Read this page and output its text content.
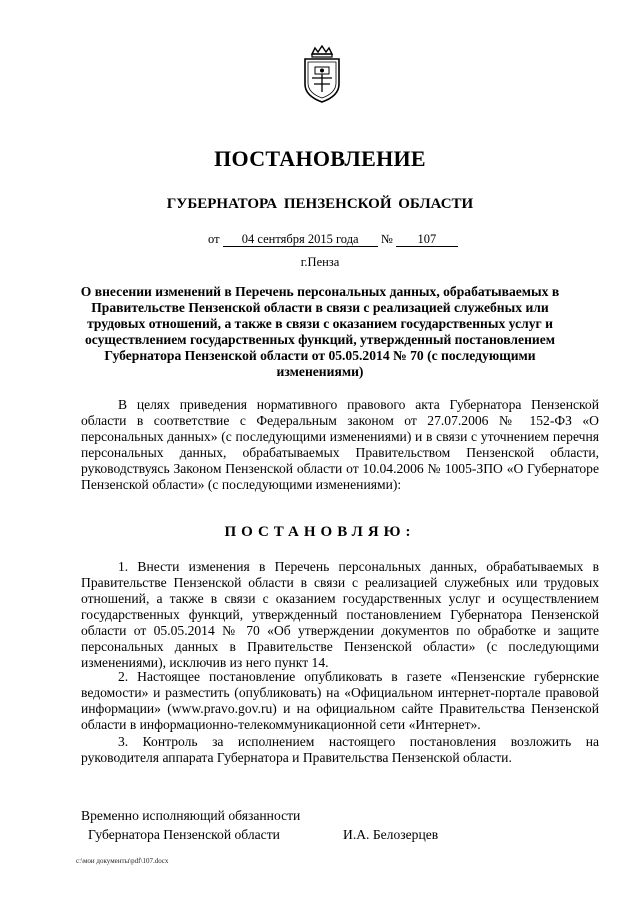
ПОСТАНОВЛЕНИЕ
ГУБЕРНАТОРА ПЕНЗЕНСКОЙ ОБЛАСТИ
от 04 сентября 2015 года № 107
г.Пенза

О внесении изменений в Перечень персональных данных, обрабатываемых в Правительстве Пензенской области в связи с реализацией служебных или трудовых отношений, а также в связи с оказанием государственных услуг и осуществлением государственных функций, утвержденный постановлением Губернатора Пензенской области от 05.05.2014 № 70 (с последующими изменениями)

В целях приведения нормативного правового акта Губернатора Пензенской области в соответствие с Федеральным законом от 27.07.2006 № 152-ФЗ «О персональных данных» (с последующими изменениями) и в связи с уточнением перечня персональных данных, обрабатываемых Правительством Пензенской области, руководствуясь Законом Пензенской области от 10.04.2006 № 1005-ЗПО «О Губернаторе Пензенской области» (с последующими изменениями):

ПОСТАНОВЛЯЮ:

1. Внести изменения в Перечень персональных данных, обрабатываемых в Правительстве Пензенской области в связи с реализацией служебных или трудовых отношений, а также в связи с оказанием государственных услуг и осуществлением государственных функций, утвержденный постановлением Губернатора Пензенской области от 05.05.2014 № 70 «Об утверждении документов по обработке и защите персональных данных в Правительстве Пензенской области» (с последующими изменениями), исключив из него пункт 14.

2. Настоящее постановление опубликовать в газете «Пензенские губернские ведомости» и разместить (опубликовать) на «Официальном интернет-портале правовой информации» (www.pravo.gov.ru) и на официальном сайте Правительства Пензенской области в информационно-телекоммуникационной сети «Интернет».

3. Контроль за исполнением настоящего постановления возложить на руководителя аппарата Губернатора и Правительства Пензенской области.

Временно исполняющий обязанности
Губернатора Пензенской области	И.А. Белозерцев
c:\мои документы\pdf\107.docx
